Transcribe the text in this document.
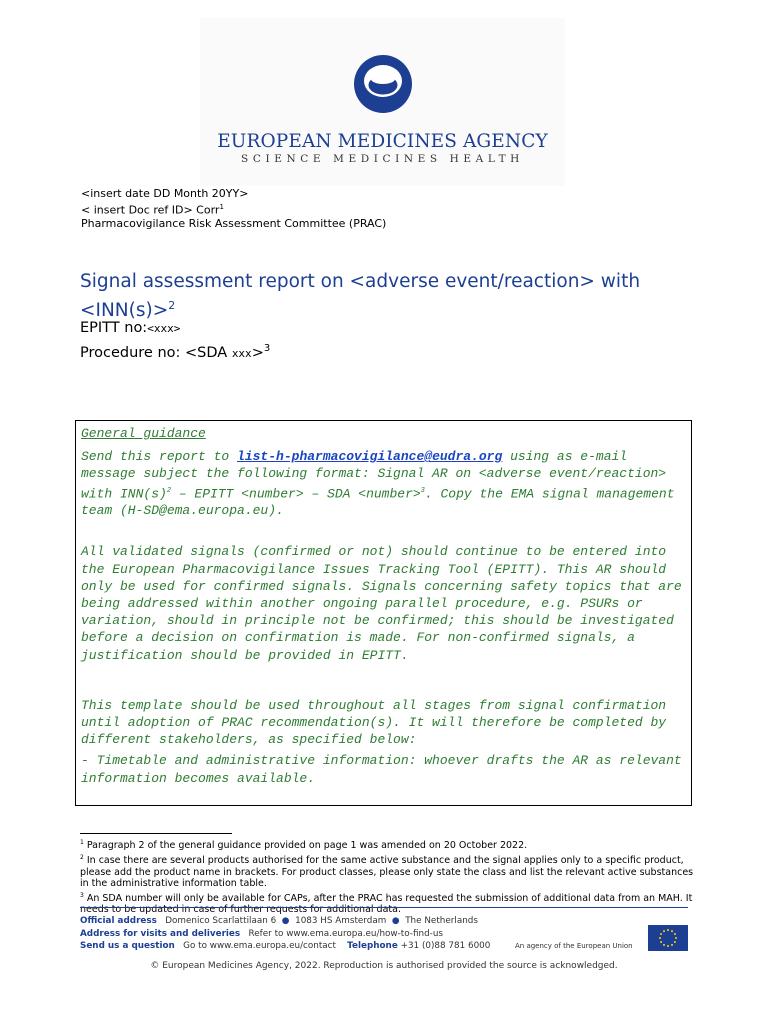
EUROPEAN MEDICINES AGENCY
SCIENCE MEDICINES HEALTH
<insert date DD Month 20YY>
< insert Doc ref ID> Corr$^1$
Pharmacovigilance Risk Assessment Committee (PRAC)
Signal assessment report on <adverse event/reaction> with <INN(s)>$^2$
EPITT no:<xxx>
Procedure no: <SDA xxx>$^3$

General guidance

Send this report to list-h-pharmacovigilance@eudra.org using as e-mail message subject the following format: Signal AR on <adverse event/reaction> with $INN(s)^2$ – EPITT <number> – SDA <number>$^3$. Copy the EMA signal management team (H-SD@ema.europa.eu).

All validated signals (confirmed or not) should continue to be entered into the European Pharmacovigilance Issues Tracking Tool (EPITT). This AR should only be used for confirmed signals. Signals concerning safety topics that are being addressed within another ongoing parallel procedure, e.g. PSURs or variation, should in principle not be confirmed; this should be investigated before a decision on confirmation is made. For non-confirmed signals, a justification should be provided in EPITT.

This template should be used throughout all stages from signal confirmation until adoption of PRAC recommendation(s). It will therefore be completed by different stakeholders, as specified below:

- Timetable and administrative information: whoever drafts the AR as relevant information becomes available.

$^1$ Paragraph 2 of the general guidance provided on page 1 was amended on 20 October 2022.

$^2$ In case there are several products authorised for the same active substance and the signal applies only to a specific product, please add the product name in brackets. For product classes, please only state the class and list the relevant active substances in the administrative information table.

$^3$ An SDA number will only be available for CAPs, after the PRAC has requested the submission of additional data from an MAH. It needs to be updated in case of further requests for additional data.

Official address Domenico Scarlattilaan 6  ●  1083 HS Amsterdam  ●  The Netherlands
Address for visits and deliveries Refer to www.ema.europa.eu/how-to-find-us
Send us a question Go to www.ema.europa.eu/contact Telephone +31 (0)88 781 6000	An agency of the European Union
© European Medicines Agency, 2022. Reproduction is authorised provided the source is acknowledged.
